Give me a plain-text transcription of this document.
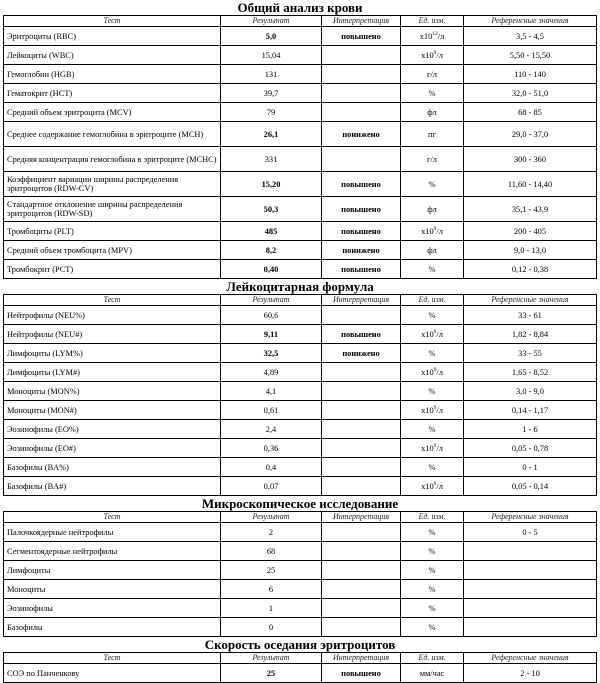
Общий анализ крови
Тест	Результат	Интерпретация	Ед. изм.	Референсные значения
Эритроциты (RBC)	5,0	повышено	$x10^{12}/л$	3,5 - 4,5
Лейкоциты (WBC)	15,04		$x10^9/л$	5,50 - 15,50
Гемоглобин (HGB)	131		г/л	110 - 140
Гематокрит (HCT)	39,7		%	32,0 - 51,0
Средний объем эритроцита (MCV)	79		фл	68 - 85
Среднее содержание гемоглобина в эритроците (MCH)	26,1	понижено	пг	29,0 - 37,0
Средняя концентрация гемоглобина в эритроците (MCHC)	331		г/л	300 - 360
Коэффициент вариации ширины распределения эритроцитов (RDW-CV)	15,20	повышено	%	11,60 - 14,40
Стандартное отклонение ширины распределения эритроцитов (RDW-SD)	50,3	повышено	фл	35,1 - 43,9
Тромбоциты (PLT)	485	повышено	$x10^9/л$	200 - 405
Средний объем тромбоцита (MPV)	8,2	понижено	фл	9,0 - 13,0
Тромбокрит (PCT)	0,40	повышено	%	0,12 - 0,38
Лейкоцитарная формула
Тест	Результат	Интерпретация	Ед. изм.	Референсные значения
Нейтрофилы (NEU%)	60,6		%	33 - 61
Нейтрофилы (NEU#)	9,11	повышено	$x10^9/л$	1,82 - 8,84
Лимфоциты (LYM%)	32,5	понижено	%	33 - 55
Лимфоциты (LYM#)	4,89		$x10^9/л$	1,65 - 8,52
Моноциты (MON%)	4,1		%	3,0 - 9,0
Моноциты (MON#)	0,61		$x10^9/л$	0,14 - 1,17
Эозинофилы (EO%)	2,4		%	1 - 6
Эозинофилы (EO#)	0,36		$x10^9/л$	0,05 - 0,78
Базофилы (BA%)	0,4		%	0 - 1
Базофилы (BA#)	0,07		$x10^9/л$	0,05 - 0,14
Микроскопическое исследование
Тест	Результат	Интерпретация	Ед. изм.	Референсные значения
Палочкоядерные нейтрофилы	2		%	0 - 5
Сегментоядерные нейтрофилы	68		%	
Лимфоциты	25		%	
Моноциты	6		%	
Эозинофилы	1		%	
Базофилы	0		%	
Скорость оседания эритроцитов
Тест	Результат	Интерпретация	Ед. изм.	Референсные значения
СОЭ по Панченкову	25	повышено	мм/час	2 - 10
